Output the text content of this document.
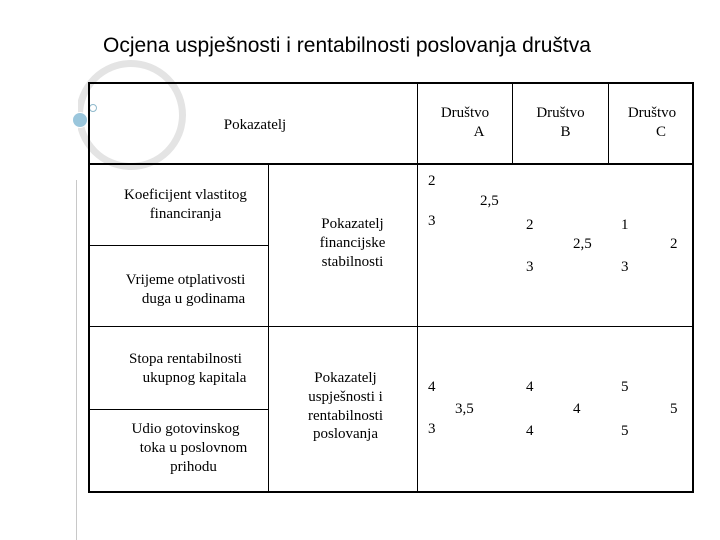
Ocjena uspješnosti i rentabilnosti poslovanja društva
Pokazatelj
Društvo
A
Društvo
B
Društvo
C
Koeficijent vlastitog
financiranja
Vrijeme otplativosti
duga u godinama
Stopa rentabilnosti
ukupnog kapitala
Udio gotovinskog
toka u poslovnom
prihodu
Pokazatelj
financijske
stabilnosti
Pokazatelj
uspješnosti i
rentabilnosti
poslovanja
2
3
2,5
4
3
3,5
2
3
2,5
4
4
4
1
3
2
5
5
5
